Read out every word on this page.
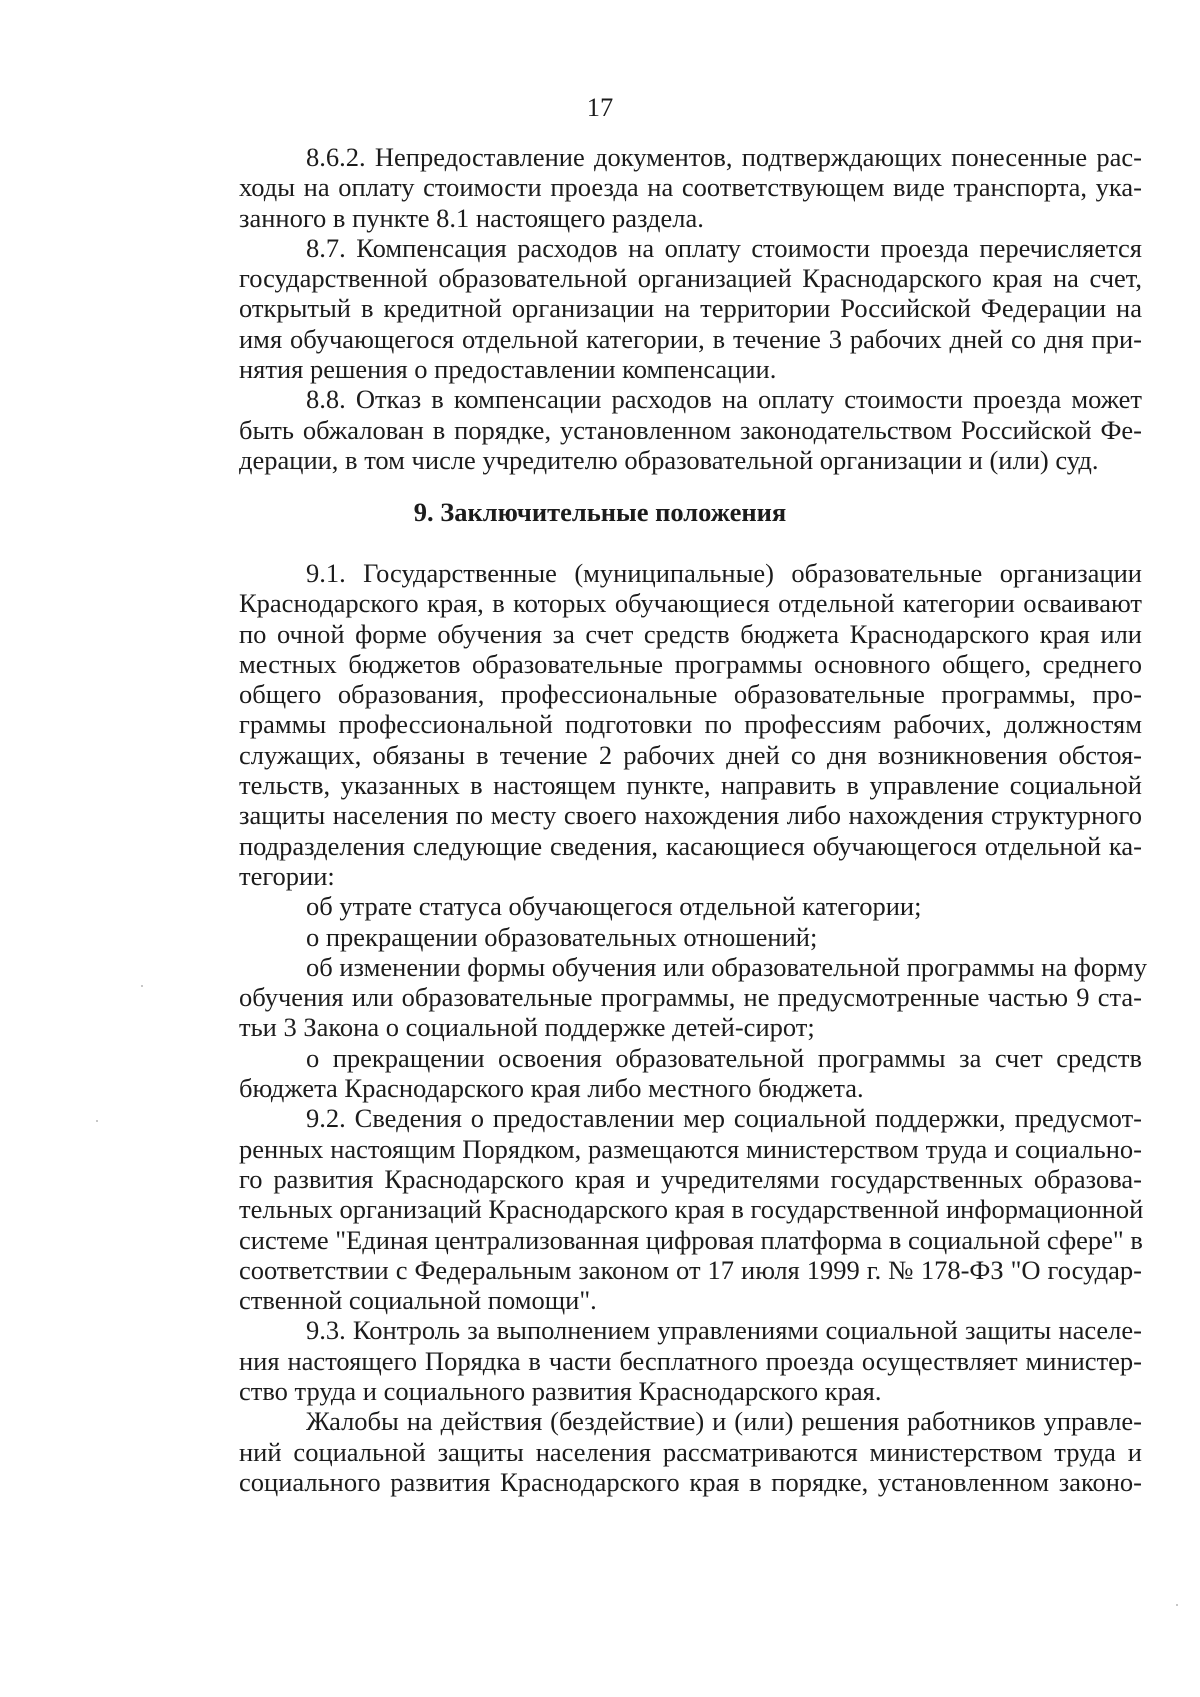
17
8.6.2. Непредоставление документов, подтверждающих понесенные рас-
ходы на оплату стоимости проезда на соответствующем виде транспорта, ука-
занного в пункте 8.1 настоящего раздела.
8.7. Компенсация расходов на оплату стоимости проезда перечисляется
государственной образовательной организацией Краснодарского края на счет,
открытый в кредитной организации на территории Российской Федерации на
имя обучающегося отдельной категории, в течение 3 рабочих дней со дня при-
нятия решения о предоставлении компенсации.
8.8. Отказ в компенсации расходов на оплату стоимости проезда может
быть обжалован в порядке, установленном законодательством Российской Фе-
дерации, в том числе учредителю образовательной организации и (или) суд.
9. Заключительные положения
9.1. Государственные (муниципальные) образовательные организации
Краснодарского края, в которых обучающиеся отдельной категории осваивают
по очной форме обучения за счет средств бюджета Краснодарского края или
местных бюджетов образовательные программы основного общего, среднего
общего образования, профессиональные образовательные программы, про-
граммы профессиональной подготовки по профессиям рабочих, должностям
служащих, обязаны в течение 2 рабочих дней со дня возникновения обстоя-
тельств, указанных в настоящем пункте, направить в управление социальной
защиты населения по месту своего нахождения либо нахождения структурного
подразделения следующие сведения, касающиеся обучающегося отдельной ка-
тегории:
об утрате статуса обучающегося отдельной категории;
о прекращении образовательных отношений;
об изменении формы обучения или образовательной программы на форму
обучения или образовательные программы, не предусмотренные частью 9 ста-
тьи 3 Закона о социальной поддержке детей-сирот;
о прекращении освоения образовательной программы за счет средств
бюджета Краснодарского края либо местного бюджета.
9.2. Сведения о предоставлении мер социальной поддержки, предусмот-
ренных настоящим Порядком, размещаются министерством труда и социально-
го развития Краснодарского края и учредителями государственных образова-
тельных организаций Краснодарского края в государственной информационной
системе "Единая централизованная цифровая платформа в социальной сфере" в
соответствии с Федеральным законом от 17 июля 1999 г. № 178-ФЗ "О государ-
ственной социальной помощи".
9.3. Контроль за выполнением управлениями социальной защиты населе-
ния настоящего Порядка в части бесплатного проезда осуществляет министер-
ство труда и социального развития Краснодарского края.
Жалобы на действия (бездействие) и (или) решения работников управле-
ний социальной защиты населения рассматриваются министерством труда и
социального развития Краснодарского края в порядке, установленном законо-
